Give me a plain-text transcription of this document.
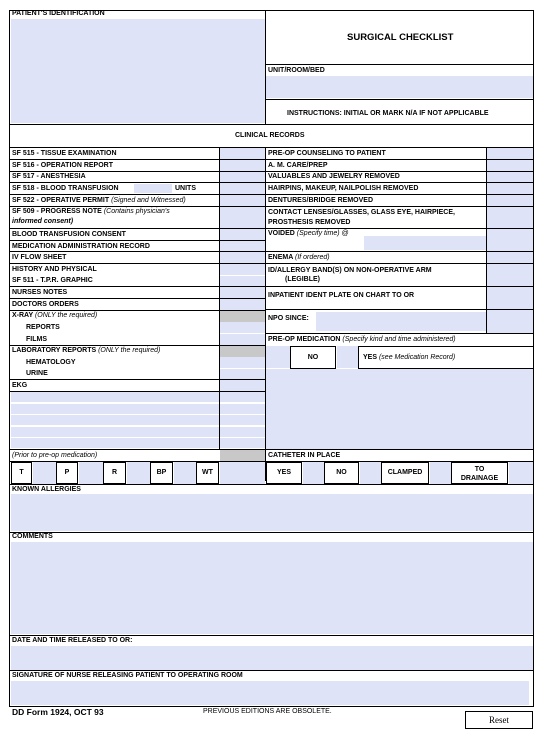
PATIENT'S IDENTIFICATION
SURGICAL CHECKLIST
UNIT/ROOM/BED
INSTRUCTIONS: INITIAL OR MARK N/A IF NOT APPLICABLE
CLINICAL RECORDS
SF 515 - TISSUE EXAMINATION
SF 516 - OPERATION REPORT
SF 517 - ANESTHESIA
SF 518 - BLOOD TRANSFUSION	UNITS
SF 522 - OPERATIVE PERMIT (Signed and Witnessed)
SF 509 - PROGRESS NOTE (Contains physician's
informed consent)
BLOOD TRANSFUSION CONSENT
MEDICATION ADMINISTRATION RECORD
IV FLOW SHEET
HISTORY AND PHYSICAL
SF 511 - T.P.R. GRAPHIC
NURSES NOTES
DOCTORS ORDERS
X-RAY (ONLY the required)
REPORTS
FILMS
LABORATORY REPORTS (ONLY the required)
HEMATOLOGY
URINE
EKG
PRE-OP COUNSELING TO PATIENT
A. M. CARE/PREP
VALUABLES AND JEWELRY REMOVED
HAIRPINS, MAKEUP, NAILPOLISH REMOVED
DENTURES/BRIDGE REMOVED
CONTACT LENSES/GLASSES, GLASS EYE, HAIRPIECE,
PROSTHESIS REMOVED
VOIDED (Specify time) @
ENEMA (If ordered)
ID/ALLERGY BAND(S) ON NON-OPERATIVE ARM
(LEGIBLE)
INPATIENT IDENT PLATE ON CHART TO OR
NPO SINCE:
PRE-OP MEDICATION (Specify kind and time administered)
NO	YES (see Medication Record)
(Prior to pre-op medication)	CATHETER IN PLACE
T	P	R	BP	WT	YES	NO	CLAMPED	TO
DRAINAGE
KNOWN ALLERGIES
COMMENTS
DATE AND TIME RELEASED TO OR:
SIGNATURE OF NURSE RELEASING PATIENT TO OPERATING ROOM
DD Form 1924, OCT 93	PREVIOUS EDITIONS ARE OBSOLETE.
Reset
